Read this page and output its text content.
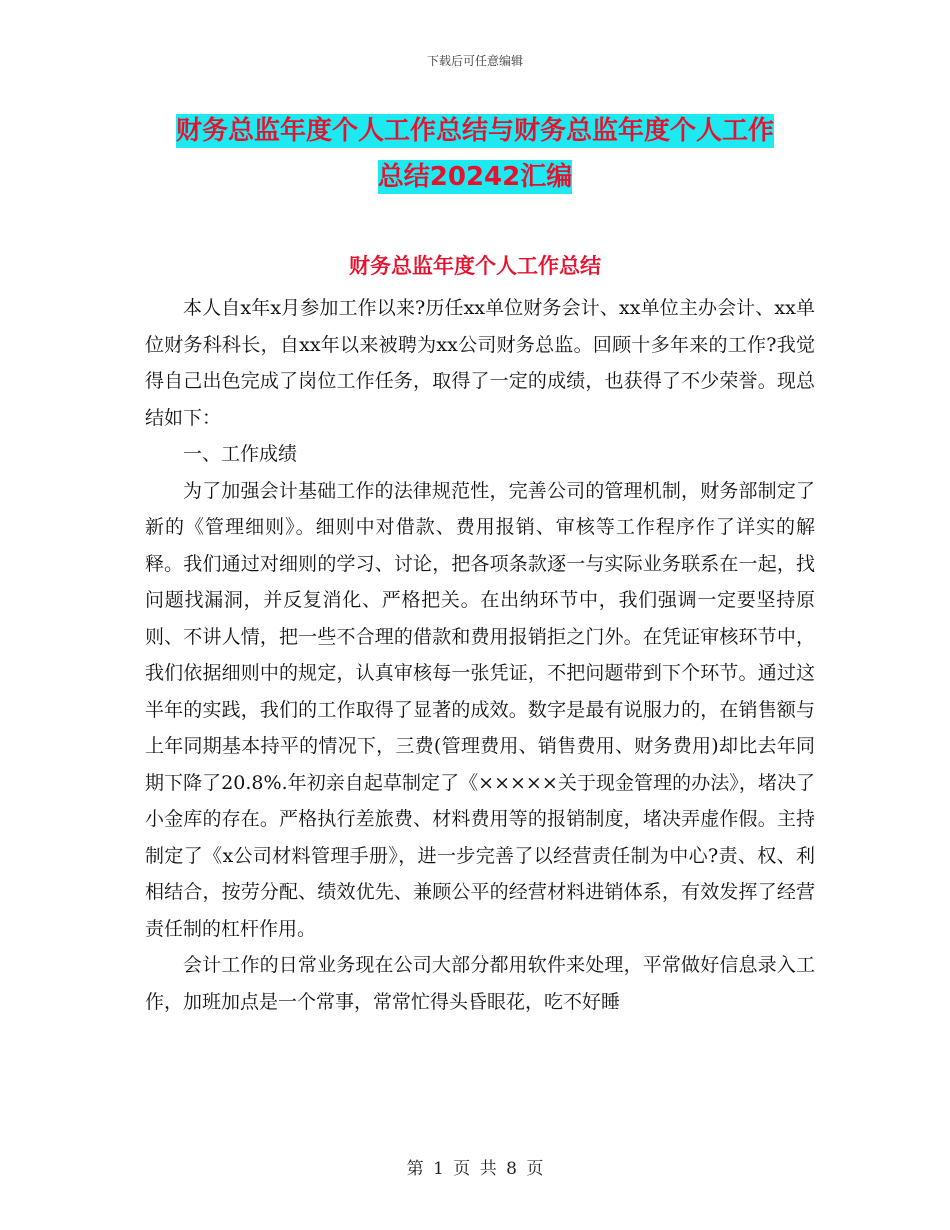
下载后可任意编辑
财务总监年度个人工作总结与财务总监年度个人工作
总结20242汇编
财务总监年度个人工作总结

本人自x年x月参加工作以来?历任xx单位财务会计、xx单位主办会计、xx单位财务科科长，自xx年以来被聘为xx公司财务总监。回顾十多年来的工作?我觉得自己出色完成了岗位工作任务，取得了一定的成绩，也获得了不少荣誉。现总结如下：

一、工作成绩

为了加强会计基础工作的法律规范性，完善公司的管理机制，财务部制定了新的《管理细则》。细则中对借款、费用报销、审核等工作程序作了详实的解释。我们通过对细则的学习、讨论，把各项条款逐一与实际业务联系在一起，找问题找漏洞，并反复消化、严格把关。在出纳环节中，我们强调一定要坚持原则、不讲人情，把一些不合理的借款和费用报销拒之门外。在凭证审核环节中，我们依据细则中的规定，认真审核每一张凭证，不把问题带到下个环节。通过这半年的实践，我们的工作取得了显著的成效。数字是最有说服力的，在销售额与上年同期基本持平的情况下，三费(管理费用、销售费用、财务费用)却比去年同期下降了20.8%.年初亲自起草制定了《×××××关于现金管理的办法》，堵决了小金库的存在。严格执行差旅费、材料费用等的报销制度，堵决弄虚作假。主持制定了《x公司材料管理手册》，进一步完善了以经营责任制为中心?责、权、利相结合，按劳分配、绩效优先、兼顾公平的经营材料进销体系，有效发挥了经营责任制的杠杆作用。

会计工作的日常业务现在公司大部分都用软件来处理，平常做好信息录入工作，加班加点是一个常事，常常忙得头昏眼花，吃不好睡

第 1 页 共 8 页
